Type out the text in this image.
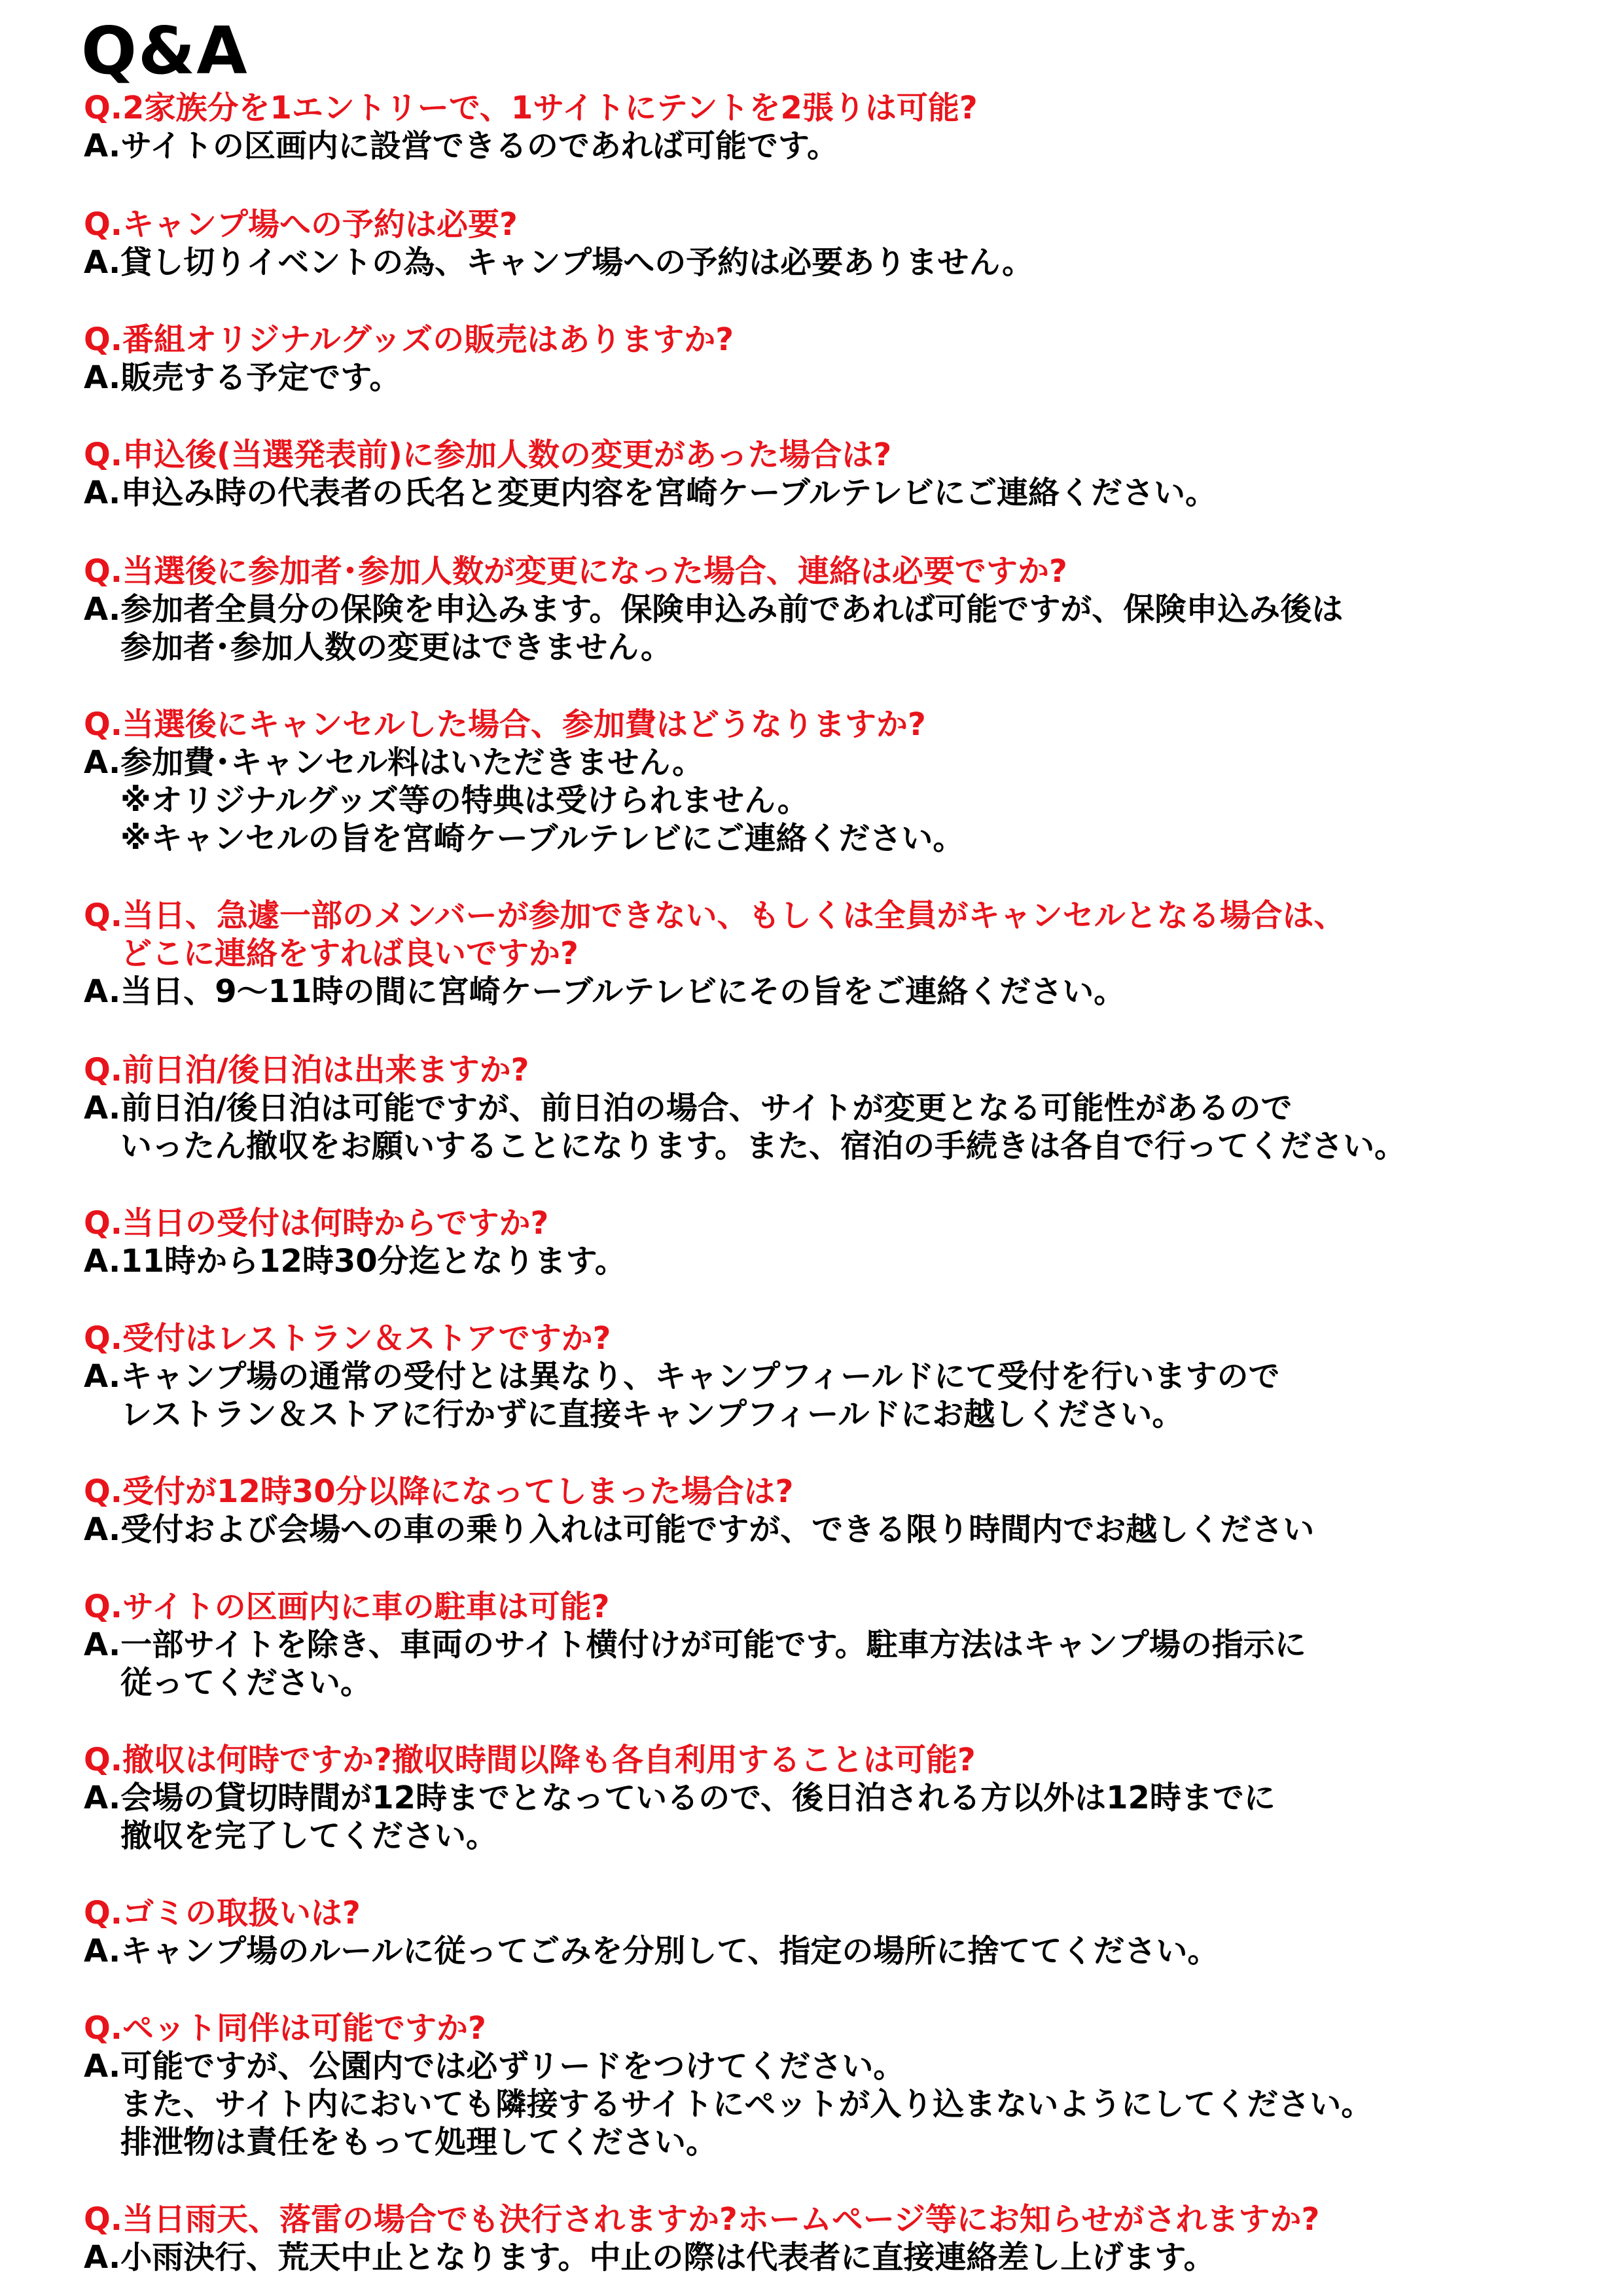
Q&A
Q.2家族分を1エントリーで、1サイトにテントを2張りは可能?
A.サイトの区画内に設営できるのであれば可能です。
Q.キャンプ場への予約は必要?
A.貸し切りイベントの為、キャンプ場への予約は必要ありません。
Q.番組オリジナルグッズの販売はありますか?
A.販売する予定です。
Q.申込後(当選発表前)に参加人数の変更があった場合は?
A.申込み時の代表者の氏名と変更内容を宮崎ケーブルテレビにご連絡ください。
Q.当選後に参加者･参加人数が変更になった場合、連絡は必要ですか?
A.参加者全員分の保険を申込みます。保険申込み前であれば可能ですが、保険申込み後は
参加者･参加人数の変更はできません。
Q.当選後にキャンセルした場合、参加費はどうなりますか?
A.参加費･キャンセル料はいただきません。
※オリジナルグッズ等の特典は受けられません。
※キャンセルの旨を宮崎ケーブルテレビにご連絡ください。
Q.当日、急遽一部のメンバーが参加できない、もしくは全員がキャンセルとなる場合は、
どこに連絡をすれば良いですか?
A.当日、9〜11時の間に宮崎ケーブルテレビにその旨をご連絡ください。
Q.前日泊/後日泊は出来ますか?
A.前日泊/後日泊は可能ですが、前日泊の場合、サイトが変更となる可能性があるので
いったん撤収をお願いすることになります。また、宿泊の手続きは各自で行ってください。
Q.当日の受付は何時からですか?
A.11時から12時30分迄となります。
Q.受付はレストラン＆ストアですか?
A.キャンプ場の通常の受付とは異なり、キャンプフィールドにて受付を行いますので
レストラン＆ストアに行かずに直接キャンプフィールドにお越しください。
Q.受付が12時30分以降になってしまった場合は?
A.受付および会場への車の乗り入れは可能ですが、できる限り時間内でお越しください
Q.サイトの区画内に車の駐車は可能?
A.一部サイトを除き、車両のサイト横付けが可能です。駐車方法はキャンプ場の指示に
従ってください。
Q.撤収は何時ですか?撤収時間以降も各自利用することは可能?
A.会場の貸切時間が12時までとなっているので、後日泊される方以外は12時までに
撤収を完了してください。
Q.ゴミの取扱いは?
A.キャンプ場のルールに従ってごみを分別して、指定の場所に捨ててください。
Q.ペット同伴は可能ですか?
A.可能ですが、公園内では必ずリードをつけてください。
また、サイト内においても隣接するサイトにペットが入り込まないようにしてください。
排泄物は責任をもって処理してください。
Q.当日雨天、落雷の場合でも決行されますか?ホームページ等にお知らせがされますか?
A.小雨決行、荒天中止となります。中止の際は代表者に直接連絡差し上げます。
